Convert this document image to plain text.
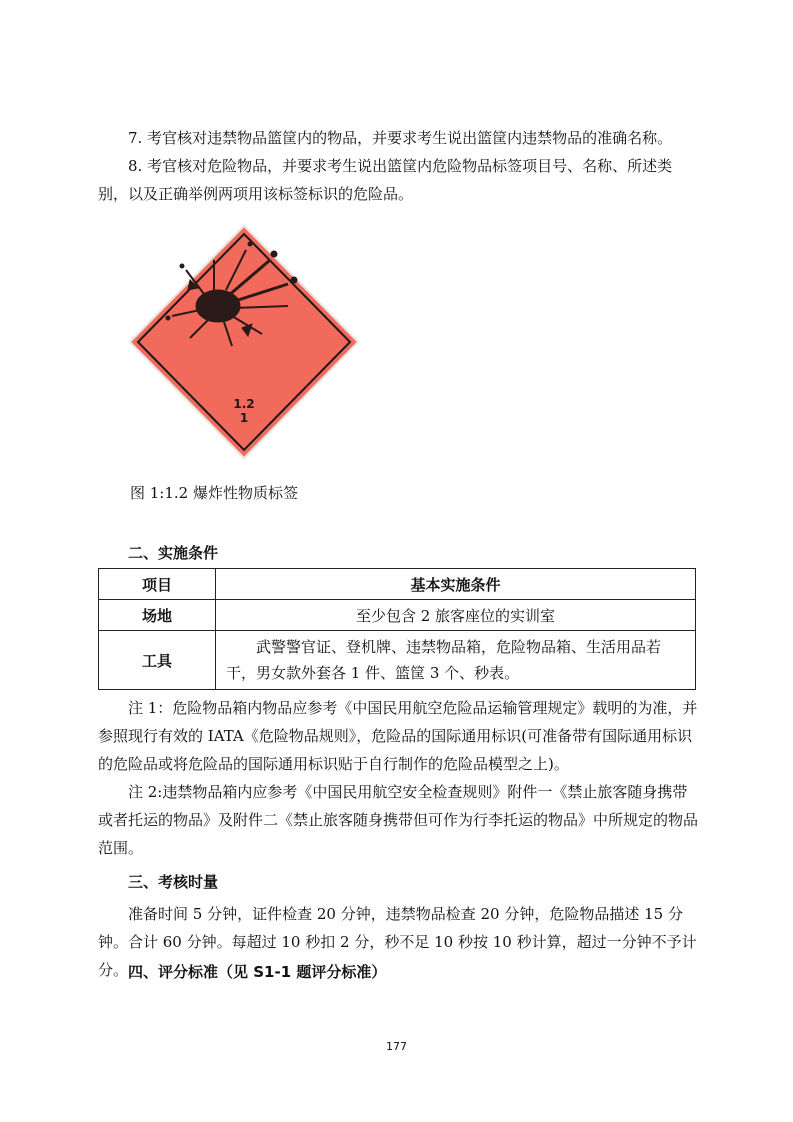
7. 考官核对违禁物品篮筐内的物品，并要求考生说出篮筐内违禁物品的准确名称。

8. 考官核对危险物品，并要求考生说出篮筐内危险物品标签项目号、名称、所述类别，以及正确举例两项用该标签标识的危险品。

1.2
1
图 1:1.2 爆炸性物质标签
二、实施条件
项目	基本实施条件
场地	至少包含 2 旅客座位的实训室
工具	武警警官证、登机牌、违禁物品箱，危险物品箱、生活用品若干，男女款外套各 1 件、篮筐 3 个、秒表。

注 1：危险物品箱内物品应参考《中国民用航空危险品运输管理规定》载明的为准，并参照现行有效的 IATA《危险物品规则》，危险品的国际通用标识(可准备带有国际通用标识的危险品或将危险品的国际通用标识贴于自行制作的危险品模型之上)。

注 2:违禁物品箱内应参考《中国民用航空安全检查规则》附件一《禁止旅客随身携带或者托运的物品》及附件二《禁止旅客随身携带但可作为行李托运的物品》中所规定的物品范围。

三、考核时量

准备时间 5 分钟，证件检查 20 分钟，违禁物品检查 20 分钟，危险物品描述 15 分钟。合计 60 分钟。每超过 10 秒扣 2 分，秒不足 10 秒按 10 秒计算，超过一分钟不予计分。 四、评分标准（见 S1-1 题评分标准）
177
